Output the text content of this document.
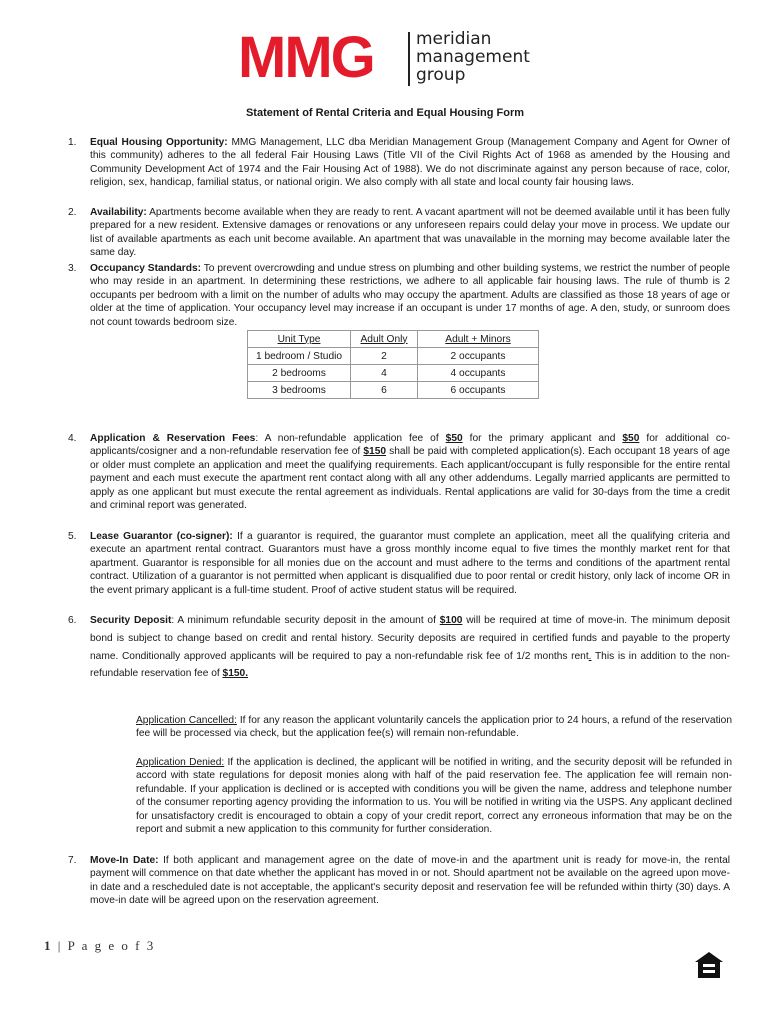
MMG meridian
management
group
Statement of Rental Criteria and Equal Housing Form
1. Equal Housing Opportunity: MMG Management, LLC dba Meridian Management Group (Management Company and Agent for Owner of this community) adheres to the all federal Fair Housing Laws (Title VII of the Civil Rights Act of 1968 as amended by the Housing and Community Development Act of 1974 and the Fair Housing Act of 1988). We do not discriminate against any person because of race, color, religion, sex, handicap, familial status, or national origin. We also comply with all state and local county fair housing laws.
2. Availability: Apartments become available when they are ready to rent. A vacant apartment will not be deemed available until it has been fully prepared for a new resident. Extensive damages or renovations or any unforeseen repairs could delay your move in process. We update our list of available apartments as each unit become available. An apartment that was unavailable in the morning may become available later the same day.
3. Occupancy Standards: To prevent overcrowding and undue stress on plumbing and other building systems, we restrict the number of people who may reside in an apartment. In determining these restrictions, we adhere to all applicable fair housing laws. The rule of thumb is 2 occupants per bedroom with a limit on the number of adults who may occupy the apartment. Adults are classified as those 18 years of age or older at the time of application. Your occupancy level may increase if an occupant is under 17 months of age. A den, study, or sunroom does not count towards bedroom size.
Unit Type	Adult Only	Adult + Minors
1 bedroom / Studio	2	2 occupants
2 bedrooms	4	4 occupants
3 bedrooms	6	6 occupants
4. Application & Reservation Fees: A non-refundable application fee of $50 for the primary applicant and $50 for additional co-applicants/cosigner and a non-refundable reservation fee of $150 shall be paid with completed application(s). Each occupant 18 years of age or older must complete an application and meet the qualifying requirements. Each applicant/occupant is fully responsible for the entire rental payment and each must execute the apartment rent contact along with all any other addendums. Legally married applicants are permitted to apply as one applicant but must execute the rental agreement as individuals. Rental applications are valid for 30-days from the time a credit and criminal report was generated.
5. Lease Guarantor (co-signer): If a guarantor is required, the guarantor must complete an application, meet all the qualifying criteria and execute an apartment rental contract. Guarantors must have a gross monthly income equal to five times the monthly market rent for that apartment. Guarantor is responsible for all monies due on the account and must adhere to the terms and conditions of the apartment rental contract. Utilization of a guarantor is not permitted when applicant is disqualified due to poor rental or credit history, only lack of income OR in the event primary applicant is a full-time student. Proof of active student status will be required.
6. Security Deposit: A minimum refundable security deposit in the amount of $100 will be required at time of move-in. The minimum deposit bond is subject to change based on credit and rental history. Security deposits are required in certified funds and payable to the property name. Conditionally approved applicants will be required to pay a non-refundable risk fee of 1/2 months rent. This is in addition to the non-refundable reservation fee of $150.
Application Cancelled: If for any reason the applicant voluntarily cancels the application prior to 24 hours, a refund of the reservation fee will be processed via check, but the application fee(s) will remain non-refundable.
Application Denied: If the application is declined, the applicant will be notified in writing, and the security deposit will be refunded in accord with state regulations for deposit monies along with half of the paid reservation fee. The application fee will remain non-refundable. If your application is declined or is accepted with conditions you will be given the name, address and telephone number of the consumer reporting agency providing the information to us. You will be notified in writing via the USPS. Any applicant declined for unsatisfactory credit is encouraged to obtain a copy of your credit report, correct any erroneous information that may be on the report and submit a new application to this community for further consideration.
7. Move-In Date: If both applicant and management agree on the date of move-in and the apartment unit is ready for move-in, the rental payment will commence on that date whether the applicant has moved in or not. Should apartment not be available on the agreed upon move-in date and a rescheduled date is not acceptable, the applicant's security deposit and reservation fee will be refunded within thirty (30) days. A move-in date will be agreed upon on the reservation agreement.
1 | P a g e o f 3
